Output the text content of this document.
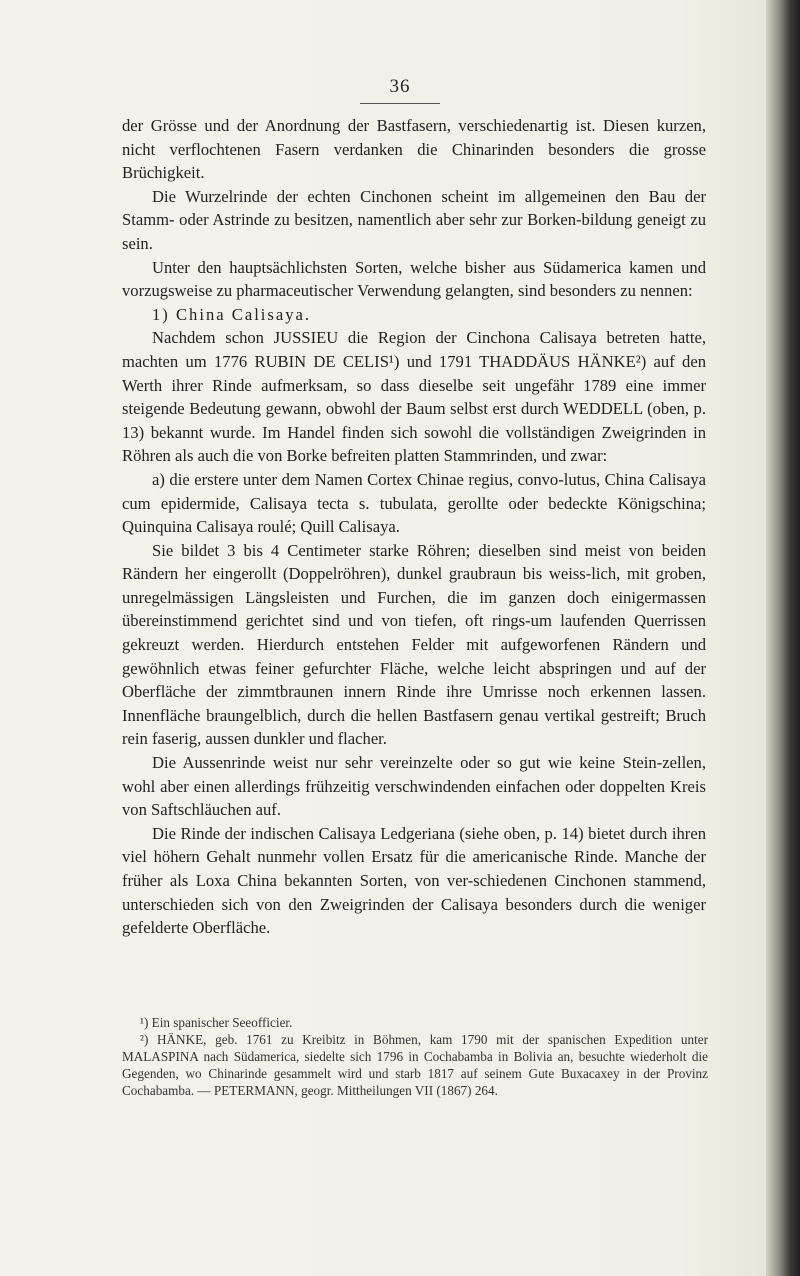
36

der Grösse und der Anordnung der Bastfasern, verschiedenartig ist. Diesen kurzen, nicht verflochtenen Fasern verdanken die Chinarinden besonders die grosse Brüchigkeit.

Die Wurzelrinde der echten Cinchonen scheint im allgemeinen den Bau der Stamm- oder Astrinde zu besitzen, namentlich aber sehr zur Borken-bildung geneigt zu sein.

Unter den hauptsächlichsten Sorten, welche bisher aus Südamerica kamen und vorzugsweise zu pharmaceutischer Verwendung gelangten, sind besonders zu nennen:

1) China Calisaya.

Nachdem schon JUSSIEU die Region der Cinchona Calisaya betreten hatte, machten um 1776 RUBIN DE CELIS¹) und 1791 THADDÄUS HÄNKE²) auf den Werth ihrer Rinde aufmerksam, so dass dieselbe seit ungefähr 1789 eine immer steigende Bedeutung gewann, obwohl der Baum selbst erst durch WEDDELL (oben, p. 13) bekannt wurde. Im Handel finden sich sowohl die vollständigen Zweigrinden in Röhren als auch die von Borke befreiten platten Stammrinden, und zwar:

a) die erstere unter dem Namen Cortex Chinae regius, convo-lutus, China Calisaya cum epidermide, Calisaya tecta s. tubulata, gerollte oder bedeckte Königschina; Quinquina Calisaya roulé; Quill Calisaya.

Sie bildet 3 bis 4 Centimeter starke Röhren; dieselben sind meist von beiden Rändern her eingerollt (Doppelröhren), dunkel graubraun bis weiss-lich, mit groben, unregelmässigen Längsleisten und Furchen, die im ganzen doch einigermassen übereinstimmend gerichtet sind und von tiefen, oft rings-um laufenden Querrissen gekreuzt werden. Hierdurch entstehen Felder mit aufgeworfenen Rändern und gewöhnlich etwas feiner gefurchter Fläche, welche leicht abspringen und auf der Oberfläche der zimmtbraunen innern Rinde ihre Umrisse noch erkennen lassen. Innenfläche braungelblich, durch die hellen Bastfasern genau vertikal gestreift; Bruch rein faserig, aussen dunkler und flacher.

Die Aussenrinde weist nur sehr vereinzelte oder so gut wie keine Stein-zellen, wohl aber einen allerdings frühzeitig verschwindenden einfachen oder doppelten Kreis von Saftschläuchen auf.

Die Rinde der indischen Calisaya Ledgeriana (siehe oben, p. 14) bietet durch ihren viel höhern Gehalt nunmehr vollen Ersatz für die americanische Rinde. Manche der früher als Loxa China bekannten Sorten, von ver-schiedenen Cinchonen stammend, unterschieden sich von den Zweigrinden der Calisaya besonders durch die weniger gefelderte Oberfläche.

¹) Ein spanischer Seeofficier.

²) HÄNKE, geb. 1761 zu Kreibitz in Böhmen, kam 1790 mit der spanischen Expedition unter MALASPINA nach Südamerica, siedelte sich 1796 in Cochabamba in Bolivia an, besuchte wiederholt die Gegenden, wo Chinarinde gesammelt wird und starb 1817 auf seinem Gute Buxacaxey in der Provinz Cochabamba. — PETERMANN, geogr. Mittheilungen VII (1867) 264.
